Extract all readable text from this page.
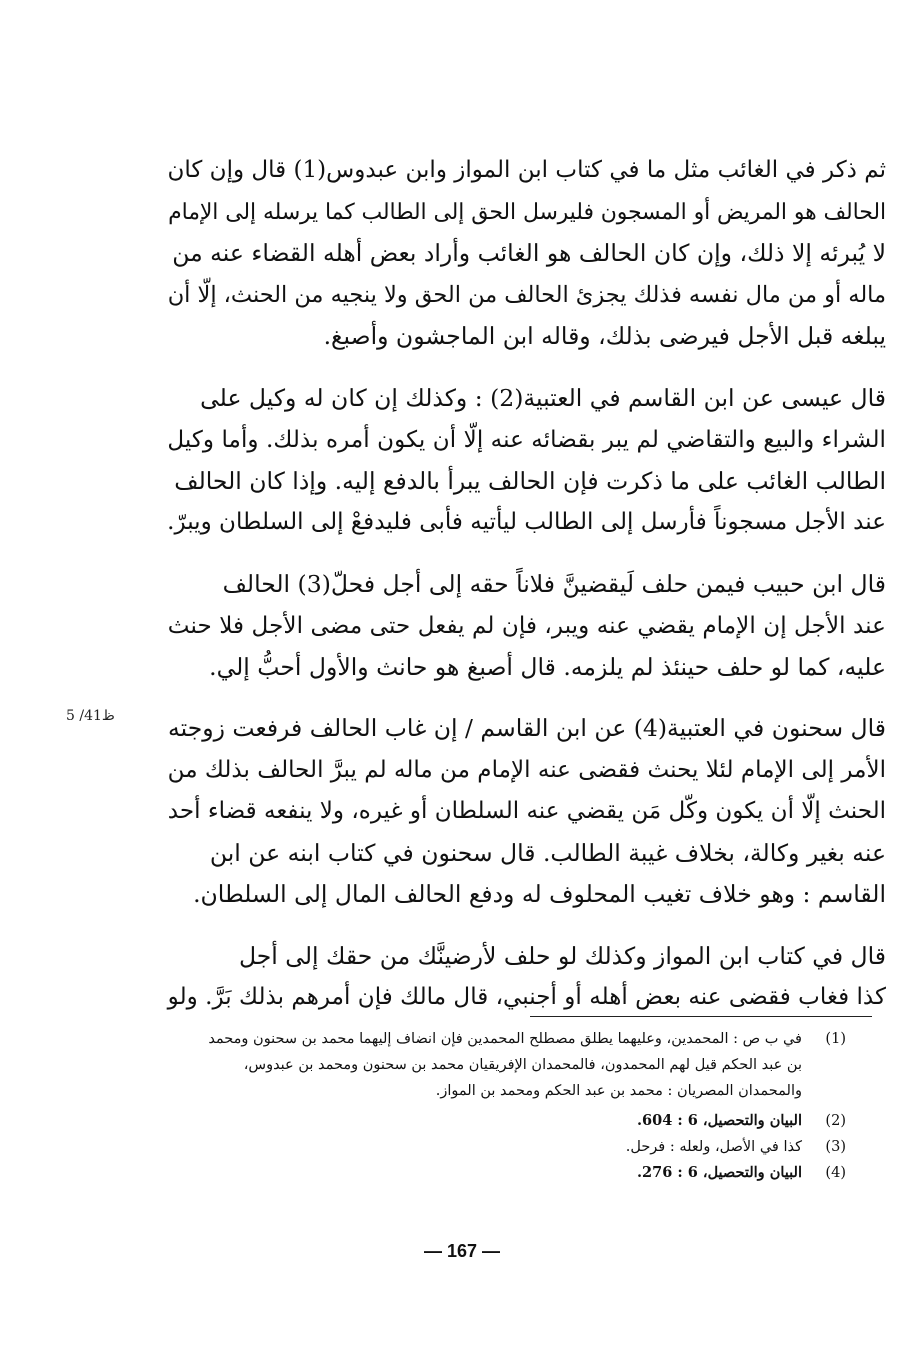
ثم ذكر في الغائب مثل ما في كتاب ابن المواز وابن عبدوس(1) قال وإن كان
الحالف هو المريض أو المسجون فليرسل الحق إلى الطالب كما يرسله إلى الإمام
لا يُبرئه إلا ذلك، وإن كان الحالف هو الغائب وأراد بعض أهله القضاء عنه من
ماله أو من مال نفسه فذلك يجزئ الحالف من الحق ولا ينجيه من الحنث، إلّا أن
يبلغه قبل الأجل فيرضى بذلك، وقاله ابن الماجشون وأصبغ.
قال عيسى عن ابن القاسم في العتبية(2) : وكذلك إن كان له وكيل على
الشراء والبيع والتقاضي لم يبر بقضائه عنه إلّا أن يكون أمره بذلك. وأما وكيل
الطالب الغائب على ما ذكرت فإن الحالف يبرأ بالدفع إليه. وإذا كان الحالف
عند الأجل مسجوناً فأرسل إلى الطالب ليأتيه فأبى فليدفعْ إلى السلطان ويبرّ.
قال ابن حبيب فيمن حلف لَيقضينَّ فلاناً حقه إلى أجل فحلّ(3) الحالف
عند الأجل إن الإمام يقضي عنه ويبر، فإن لم يفعل حتى مضى الأجل فلا حنث
عليه، كما لو حلف حينئذ لم يلزمه. قال أصبغ هو حانث والأول أحبُّ إلي.
قال سحنون في العتبية(4) عن ابن القاسم / إن غاب الحالف فرفعت زوجته
الأمر إلى الإمام لئلا يحنث فقضى عنه الإمام من ماله لم يبرَّ الحالف بذلك من
الحنث إلّا أن يكون وكّل مَن يقضي عنه السلطان أو غيره، ولا ينفعه قضاء أحد
عنه بغير وكالة، بخلاف غيبة الطالب. قال سحنون في كتاب ابنه عن ابن
القاسم : وهو خلاف تغيب المحلوف له ودفع الحالف المال إلى السلطان.
قال في كتاب ابن المواز وكذلك لو حلف لأرضينَّك من حقك إلى أجل
كذا فغاب فقضى عنه بعض أهله أو أجنبي، قال مالك فإن أمرهم بذلك بَرَّ. ولو
5 /41ظ
(1)
في ب ص : المحمدين، وعليهما يطلق مصطلح المحمدين فإن انضاف إليهما محمد بن سحنون ومحمد
بن عبد الحكم قيل لهم المحمدون، فالمحمدان الإفريقيان محمد بن سحنون ومحمد بن عبدوس،
والمحمدان المصريان : محمد بن عبد الحكم ومحمد بن المواز.
(2)
البيان والتحصيل، 6 : 604.
(3)
كذا في الأصل، ولعله : فرحل.
(4)
البيان والتحصيل، 6 : 276.
— 167 —
